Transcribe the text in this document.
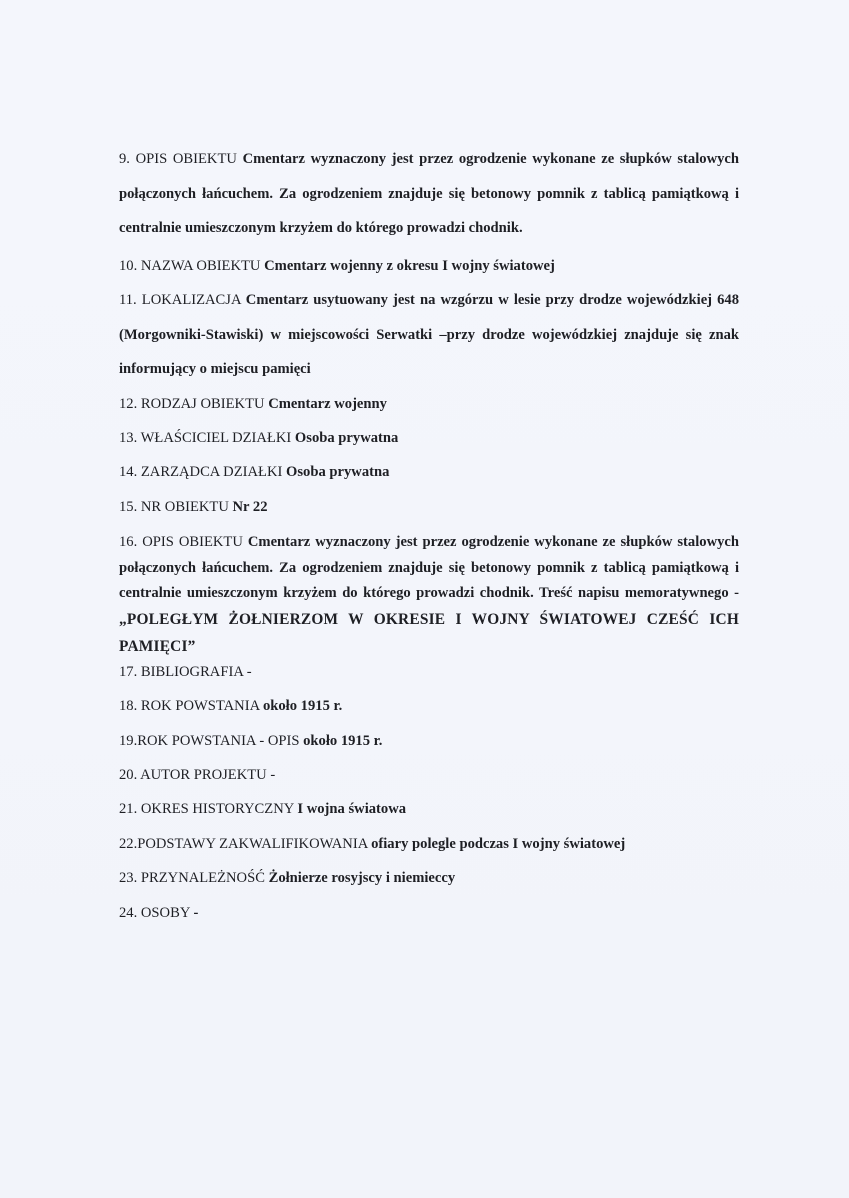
9. OPIS OBIEKTU Cmentarz wyznaczony jest przez ogrodzenie wykonane ze słupków stalowych połączonych łańcuchem. Za ogrodzeniem znajduje się betonowy pomnik z tablicą pamiątkową i centralnie umieszczonym krzyżem do którego prowadzi chodnik.
10. NAZWA OBIEKTU Cmentarz wojenny z okresu I wojny światowej
11. LOKALIZACJA Cmentarz usytuowany jest na wzgórzu w lesie przy drodze wojewódzkiej 648 (Morgowniki-Stawiski) w miejscowości Serwatki –przy drodze wojewódzkiej znajduje się znak informujący o miejscu pamięci
12. RODZAJ OBIEKTU Cmentarz wojenny
13. WŁAŚCICIEL DZIAŁKI Osoba prywatna
14. ZARZĄDCA DZIAŁKI Osoba prywatna
15. NR OBIEKTU Nr 22
16. OPIS OBIEKTU Cmentarz wyznaczony jest przez ogrodzenie wykonane ze słupków stalowych połączonych łańcuchem. Za ogrodzeniem znajduje się betonowy pomnik z tablicą pamiątkową i centralnie umieszczonym krzyżem do którego prowadzi chodnik. Treść napisu memoratywnego - „POLEGŁYM ŻOŁNIERZOM W OKRESIE I WOJNY ŚWIATOWEJ CZEŚĆ ICH PAMIĘCI”
17. BIBLIOGRAFIA -
18. ROK POWSTANIA około 1915 r.
19.ROK POWSTANIA - OPIS około 1915 r.
20. AUTOR PROJEKTU -
21. OKRES HISTORYCZNY I wojna światowa
22.PODSTAWY ZAKWALIFIKOWANIA ofiary polegle podczas I wojny światowej
23. PRZYNALEŻNOŚĆ Żołnierze rosyjscy i niemieccy
24. OSOBY -
